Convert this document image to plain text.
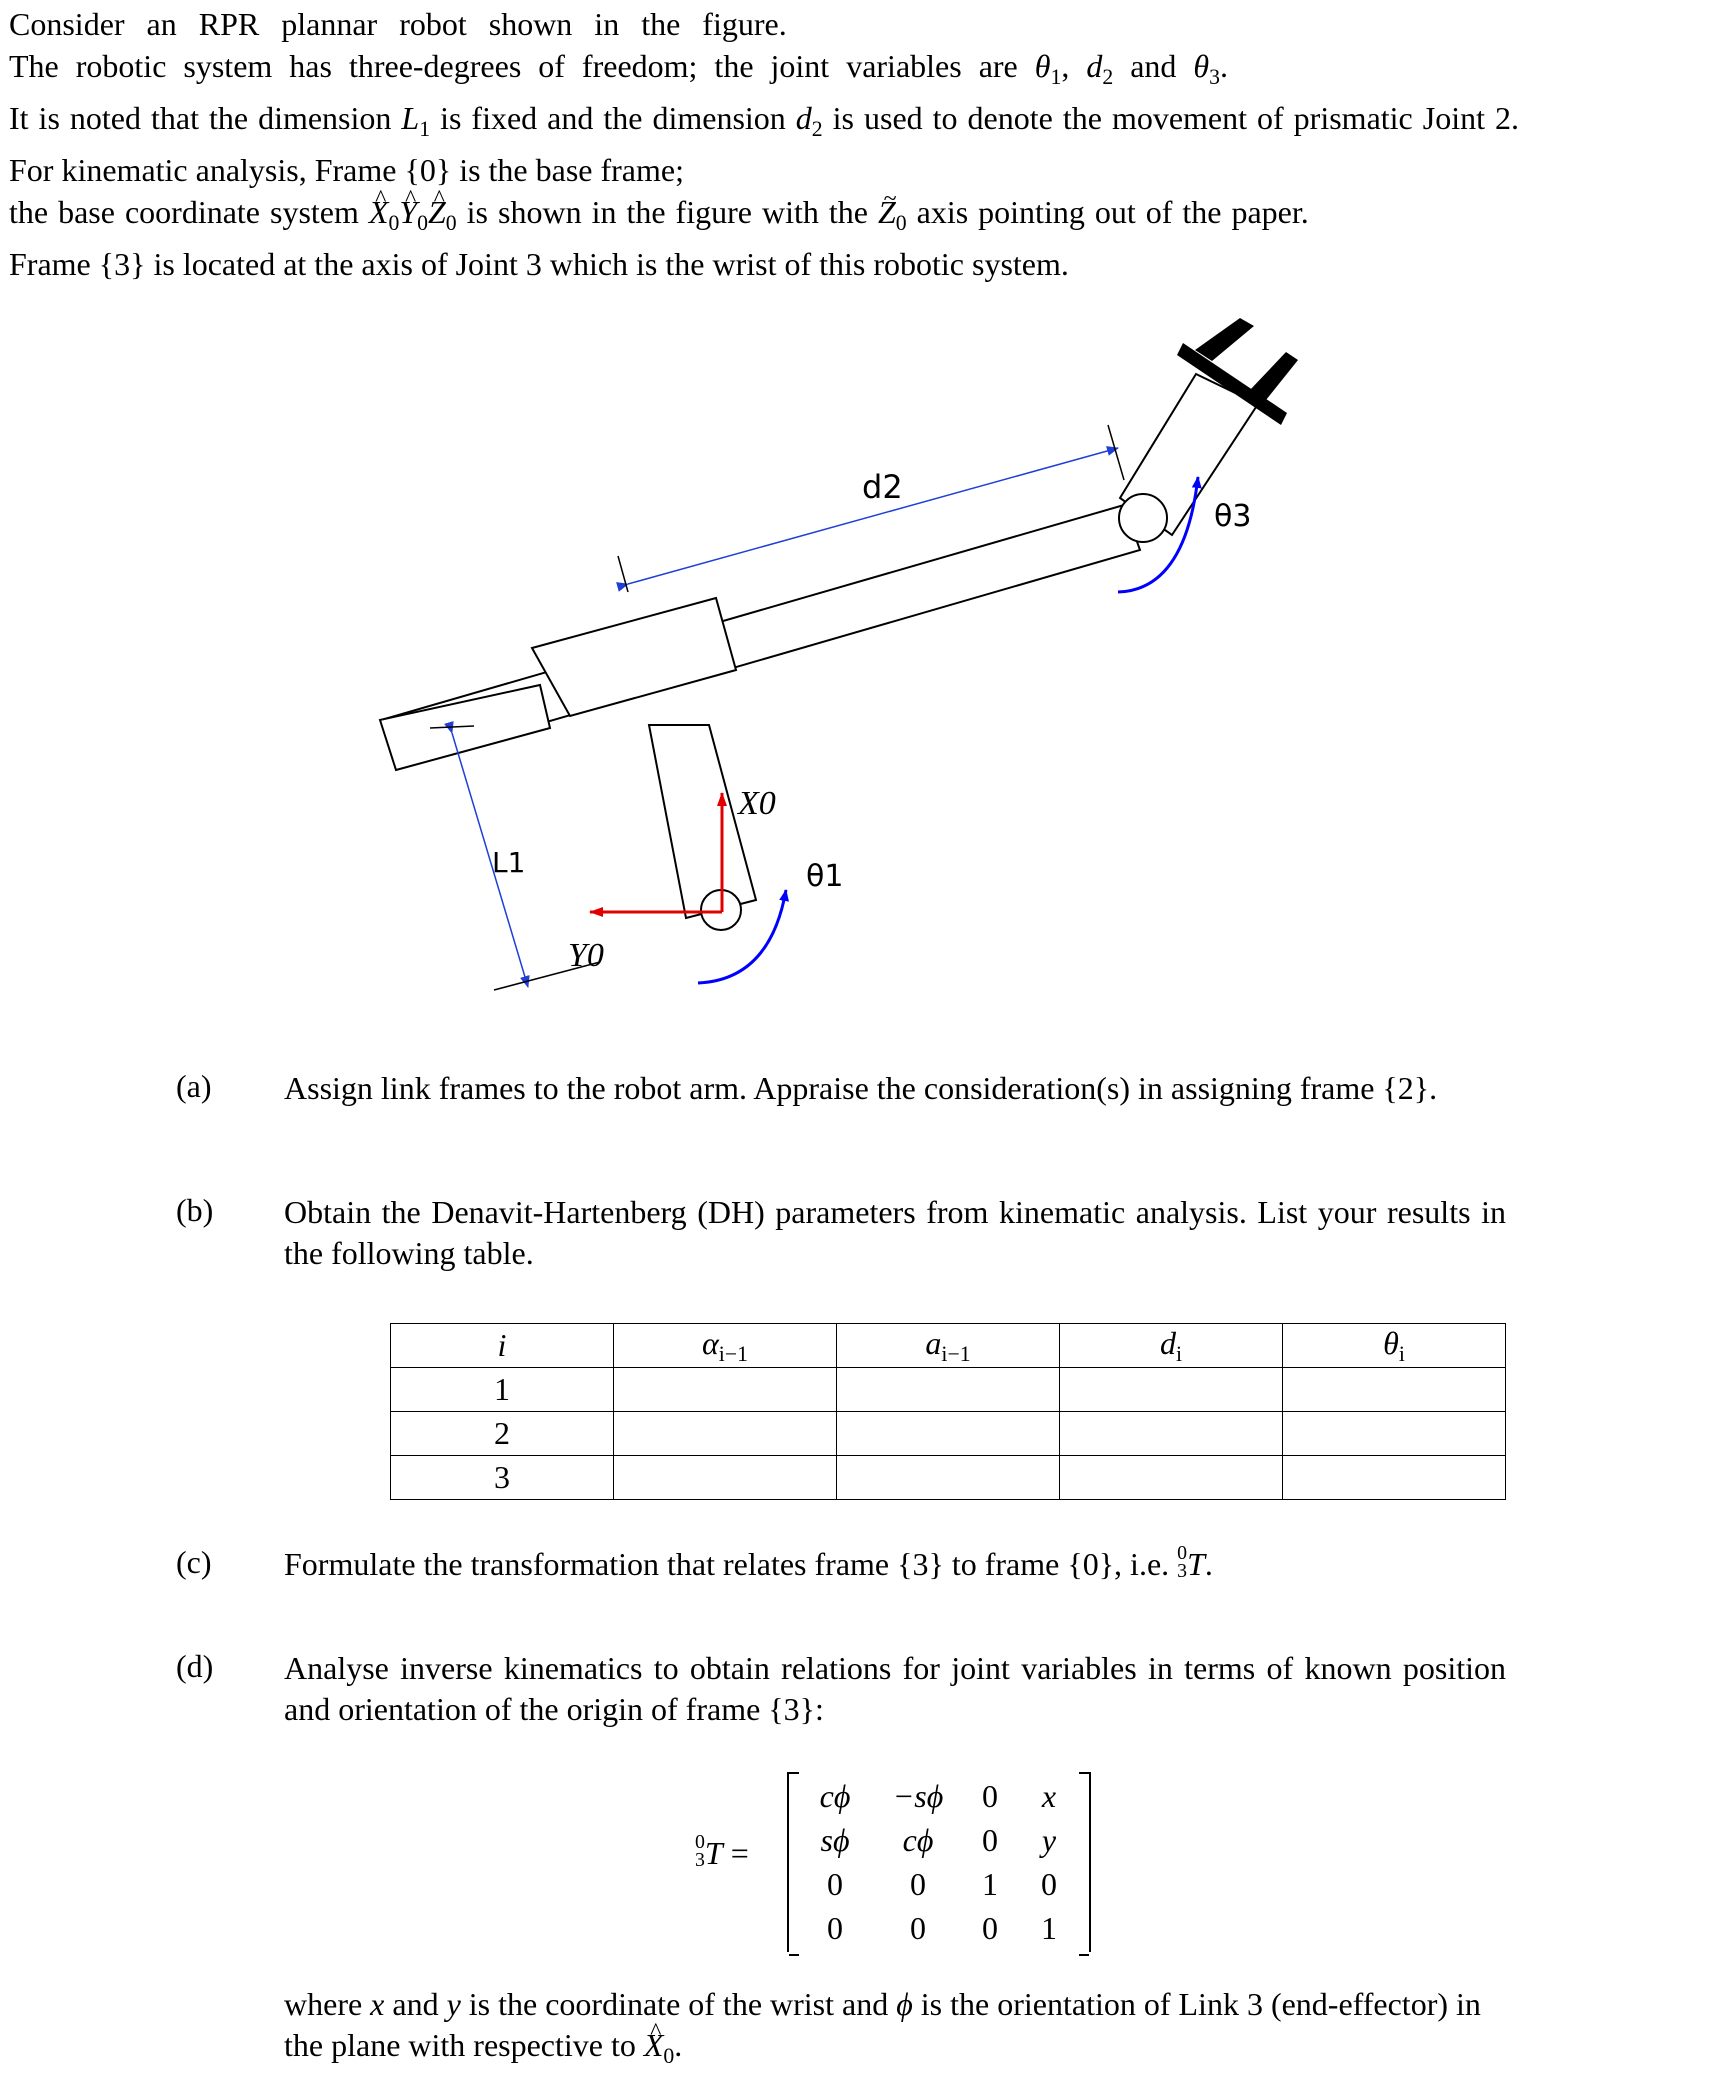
Consider an RPR plannar robot shown in the figure.
The robotic system has three-degrees of freedom; the joint variables are $\theta_1$, $d_2$ and $\theta_3$.
It is noted that the dimension $L_1$ is fixed and the dimension $d_2$ is used to denote the movement of prismatic Joint 2.
For kinematic analysis, Frame {0} is the base frame;
the base coordinate system ^ $X_0\^{}$ $Y_0\^{}$ $Z_0$ is shown in the figure with the ~ $Z_0$ axis pointing out of the paper.
Frame {3} is located at the axis of Joint 3 which is the wrist of this robotic system.
d2
θ3
X0
θ1
L1
Y0
(a) Assign link frames to the robot arm. Appraise the consideration(s) in assigning frame {2}.
(b) Obtain the Denavit-Hartenberg (DH) parameters from kinematic analysis. List your results in the following table.
i	$\alpha_{i-1}$	$a_{i-1}$	$d_i$	$\theta_i$
1				
2				
3				
(c) Formulate the transformation that relates frame {3} to frame {0}, i.e. 0
3T.
(d) Analyse inverse kinematics to obtain relations for joint variables in terms of known position and orientation of the origin of frame {3}:
0
3T =
cϕ	−sϕ	0	x
sϕ	cϕ	0	y
0	0	1	0
0	0	0	1
where x and y is the coordinate of the wrist and ϕ is the orientation of Link 3 (end-effector) in the plane with respective to ^ $X_0$.
